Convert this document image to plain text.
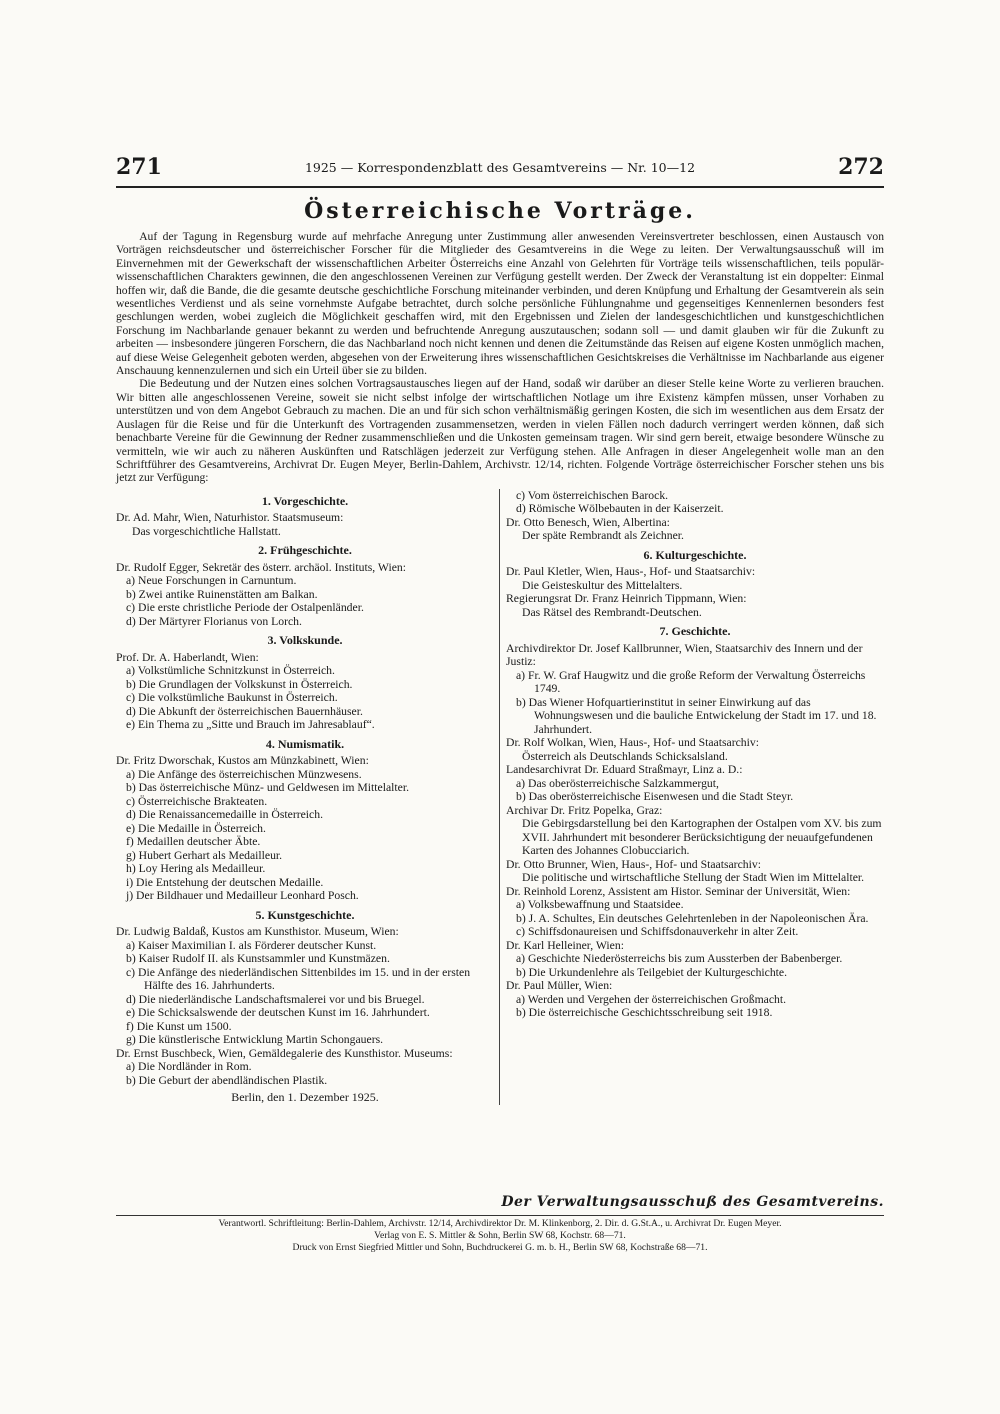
271	1925 — Korrespondenzblatt des Gesamtvereins — Nr. 10—12	272
Österreichische Vorträge.

Auf der Tagung in Regensburg wurde auf mehrfache Anregung unter Zustimmung aller anwesenden Vereinsvertreter beschlossen, einen Austausch von Vorträgen reichsdeutscher und österreichischer Forscher für die Mitglieder des Gesamtvereins in die Wege zu leiten. Der Verwaltungsausschuß will im Einvernehmen mit der Gewerkschaft der wissenschaftlichen Arbeiter Österreichs eine Anzahl von Gelehrten für Vorträge teils wissenschaftlichen, teils populär-wissenschaftlichen Charakters gewinnen, die den angeschlossenen Vereinen zur Verfügung gestellt werden. Der Zweck der Veranstaltung ist ein doppelter: Einmal hoffen wir, daß die Bande, die die gesamte deutsche geschichtliche Forschung miteinander verbinden, und deren Knüpfung und Erhaltung der Gesamtverein als sein wesentliches Verdienst und als seine vornehmste Aufgabe betrachtet, durch solche persönliche Fühlungnahme und gegenseitiges Kennenlernen besonders fest geschlungen werden, wobei zugleich die Möglichkeit geschaffen wird, mit den Ergebnissen und Zielen der landesgeschichtlichen und kunstgeschichtlichen Forschung im Nachbarlande genauer bekannt zu werden und befruchtende Anregung auszutauschen; sodann soll — und damit glauben wir für die Zukunft zu arbeiten — insbesondere jüngeren Forschern, die das Nachbarland noch nicht kennen und denen die Zeitumstände das Reisen auf eigene Kosten unmöglich machen, auf diese Weise Gelegenheit geboten werden, abgesehen von der Erweiterung ihres wissenschaftlichen Gesichtskreises die Verhältnisse im Nachbarlande aus eigener Anschauung kennenzulernen und sich ein Urteil über sie zu bilden.

Die Bedeutung und der Nutzen eines solchen Vortragsaustausches liegen auf der Hand, sodaß wir darüber an dieser Stelle keine Worte zu verlieren brauchen. Wir bitten alle angeschlossenen Vereine, soweit sie nicht selbst infolge der wirtschaftlichen Notlage um ihre Existenz kämpfen müssen, unser Vorhaben zu unterstützen und von dem Angebot Gebrauch zu machen. Die an und für sich schon verhältnismäßig geringen Kosten, die sich im wesentlichen aus dem Ersatz der Auslagen für die Reise und für die Unterkunft des Vortragenden zusammensetzen, werden in vielen Fällen noch dadurch verringert werden können, daß sich benachbarte Vereine für die Gewinnung der Redner zusammenschließen und die Unkosten gemeinsam tragen. Wir sind gern bereit, etwaige besondere Wünsche zu vermitteln, wie wir auch zu näheren Auskünften und Ratschlägen jederzeit zur Verfügung stehen. Alle Anfragen in dieser Angelegenheit wolle man an den Schriftführer des Gesamtvereins, Archivrat Dr. Eugen Meyer, Berlin-Dahlem, Archivstr. 12/14, richten. Folgende Vorträge österreichischer Forscher stehen uns bis jetzt zur Verfügung:

1. Vorgeschichte.
Dr. Ad. Mahr, Wien, Naturhistor. Staatsmuseum:
Das vorgeschichtliche Hallstatt.
2. Frühgeschichte.
Dr. Rudolf Egger, Sekretär des österr. archäol. Instituts, Wien:
a) Neue Forschungen in Carnuntum.
b) Zwei antike Ruinenstätten am Balkan.
c) Die erste christliche Periode der Ostalpenländer.
d) Der Märtyrer Florianus von Lorch.
3. Volkskunde.
Prof. Dr. A. Haberlandt, Wien:
a) Volkstümliche Schnitzkunst in Österreich.
b) Die Grundlagen der Volkskunst in Österreich.
c) Die volkstümliche Baukunst in Österreich.
d) Die Abkunft der österreichischen Bauernhäuser.
e) Ein Thema zu „Sitte und Brauch im Jahresablauf“.
4. Numismatik.
Dr. Fritz Dworschak, Kustos am Münzkabinett, Wien:
a) Die Anfänge des österreichischen Münzwesens.
b) Das österreichische Münz- und Geldwesen im Mittelalter.
c) Österreichische Brakteaten.
d) Die Renaissancemedaille in Österreich.
e) Die Medaille in Österreich.
f) Medaillen deutscher Äbte.
g) Hubert Gerhart als Medailleur.
h) Loy Hering als Medailleur.
i) Die Entstehung der deutschen Medaille.
j) Der Bildhauer und Medailleur Leonhard Posch.
5. Kunstgeschichte.
Dr. Ludwig Baldaß, Kustos am Kunsthistor. Museum, Wien:
a) Kaiser Maximilian I. als Förderer deutscher Kunst.
b) Kaiser Rudolf II. als Kunstsammler und Kunstmäzen.
c) Die Anfänge des niederländischen Sittenbildes im 15. und in der ersten Hälfte des 16. Jahrhunderts.
d) Die niederländische Landschaftsmalerei vor und bis Bruegel.
e) Die Schicksalswende der deutschen Kunst im 16. Jahrhundert.
f) Die Kunst um 1500.
g) Die künstlerische Entwicklung Martin Schongauers.
Dr. Ernst Buschbeck, Wien, Gemäldegalerie des Kunsthistor. Museums:
a) Die Nordländer in Rom.
b) Die Geburt der abendländischen Plastik.
Berlin, den 1. Dezember 1925.
c) Vom österreichischen Barock.
d) Römische Wölbebauten in der Kaiserzeit.
Dr. Otto Benesch, Wien, Albertina:
Der späte Rembrandt als Zeichner.
6. Kulturgeschichte.
Dr. Paul Kletler, Wien, Haus-, Hof- und Staatsarchiv:
Die Geisteskultur des Mittelalters.
Regierungsrat Dr. Franz Heinrich Tippmann, Wien:
Das Rätsel des Rembrandt-Deutschen.
7. Geschichte.
Archivdirektor Dr. Josef Kallbrunner, Wien, Staatsarchiv des Innern und der Justiz:
a) Fr. W. Graf Haugwitz und die große Reform der Verwaltung Österreichs 1749.
b) Das Wiener Hofquartierinstitut in seiner Einwirkung auf das Wohnungswesen und die bauliche Entwickelung der Stadt im 17. und 18. Jahrhundert.
Dr. Rolf Wolkan, Wien, Haus-, Hof- und Staatsarchiv:
Österreich als Deutschlands Schicksalsland.
Landesarchivrat Dr. Eduard Straßmayr, Linz a. D.:
a) Das oberösterreichische Salzkammergut,
b) Das oberösterreichische Eisenwesen und die Stadt Steyr.
Archivar Dr. Fritz Popelka, Graz:
Die Gebirgsdarstellung bei den Kartographen der Ostalpen vom XV. bis zum XVII. Jahrhundert mit besonderer Berücksichtigung der neuaufgefundenen Karten des Johannes Clobucciarich.
Dr. Otto Brunner, Wien, Haus-, Hof- und Staatsarchiv:
Die politische und wirtschaftliche Stellung der Stadt Wien im Mittelalter.
Dr. Reinhold Lorenz, Assistent am Histor. Seminar der Universität, Wien:
a) Volksbewaffnung und Staatsidee.
b) J. A. Schultes, Ein deutsches Gelehrtenleben in der Napoleonischen Ära.
c) Schiffsdonaureisen und Schiffsdonauverkehr in alter Zeit.
Dr. Karl Helleiner, Wien:
a) Geschichte Niederösterreichs bis zum Aussterben der Babenberger.
b) Die Urkundenlehre als Teilgebiet der Kulturgeschichte.
Dr. Paul Müller, Wien:
a) Werden und Vergehen der österreichischen Großmacht.
b) Die österreichische Geschichtsschreibung seit 1918.
Der Verwaltungsausschuß des Gesamtvereins.
Verantwortl. Schriftleitung: Berlin-Dahlem, Archivstr. 12/14, Archivdirektor Dr. M. Klinkenborg, 2. Dir. d. G.St.A., u. Archivrat Dr. Eugen Meyer.
Verlag von E. S. Mittler & Sohn, Berlin SW 68, Kochstr. 68—71.
Druck von Ernst Siegfried Mittler und Sohn, Buchdruckerei G. m. b. H., Berlin SW 68, Kochstraße 68—71.
